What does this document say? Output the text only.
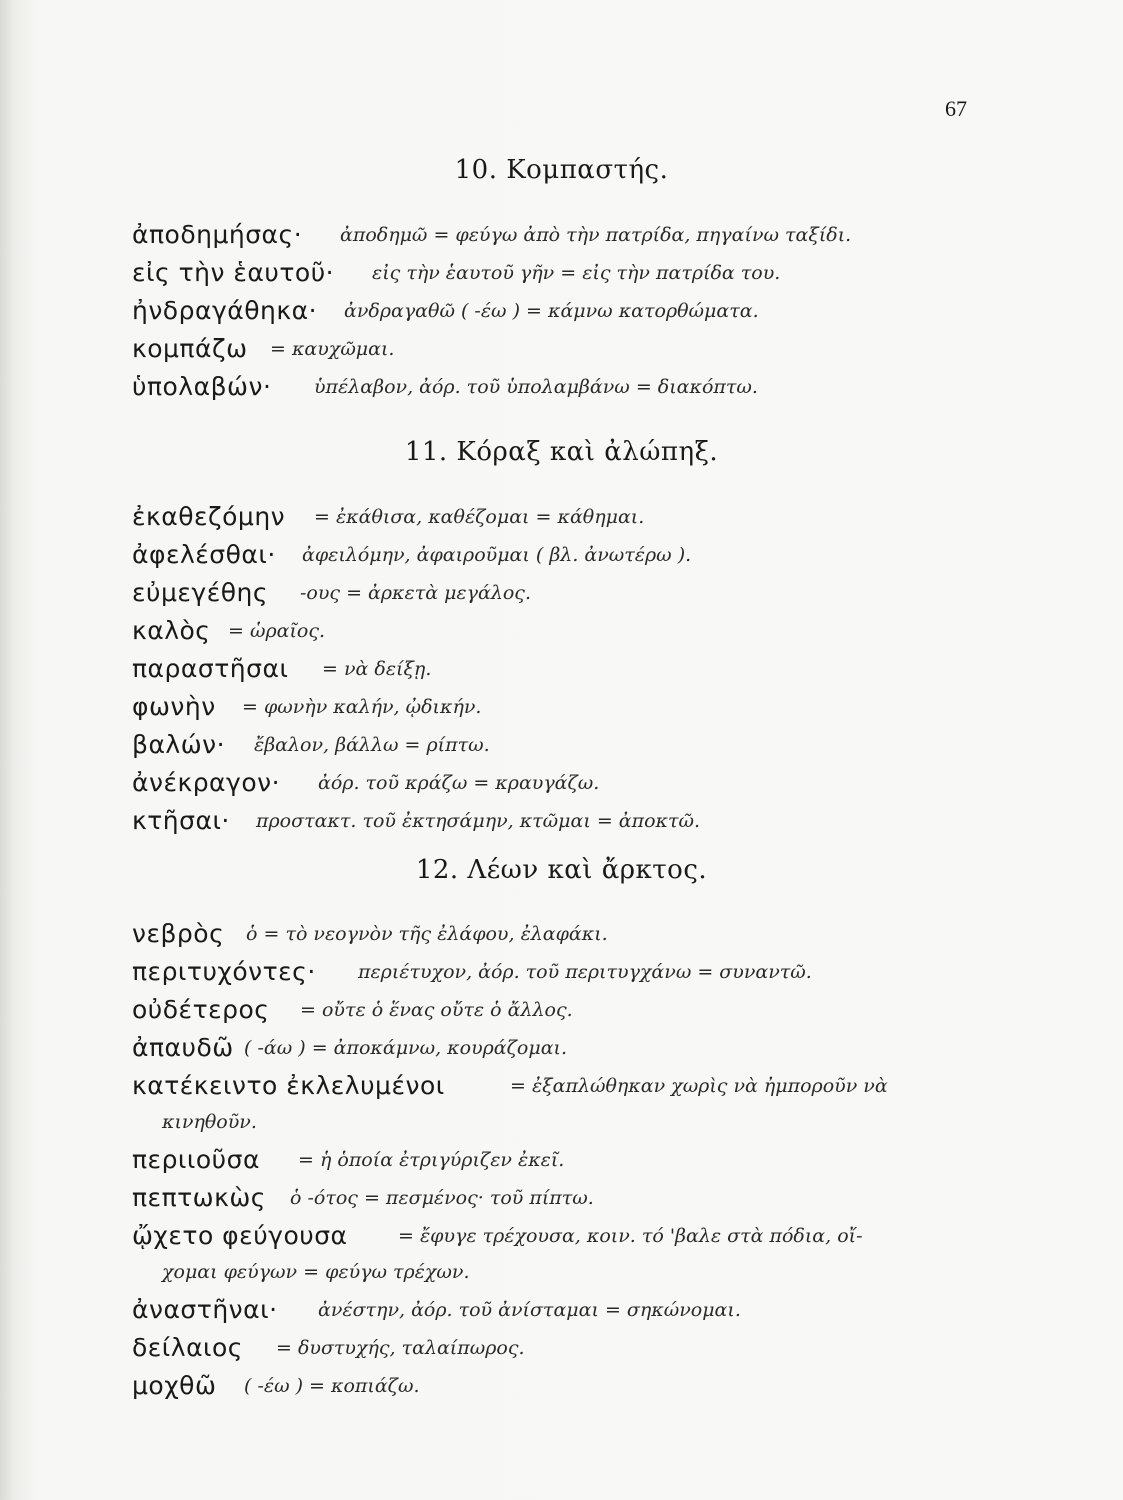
67
10. Κομπαστής.
ἀποδημήσας· ἀποδημῶ = φεύγω ἀπὸ τὴν πατρίδα, πηγαίνω ταξίδι.
εἰς τὴν ἑαυτοῦ· εἰς τὴν ἑαυτοῦ γῆν = εἰς τὴν πατρίδα του.
ἠνδραγάθηκα· ἀνδραγαθῶ ( -έω ) = κάμνω κατορθώματα.
κομπάζω = καυχῶμαι.
ὑπολαβών· ὑπέλαβον, ἀόρ. τοῦ ὑπολαμβάνω = διακόπτω.
11. Κόραξ καὶ ἀλώπηξ.
ἐκαθεζόμην = ἐκάθισα, καθέζομαι = κάθημαι.
ἀφελέσθαι· ἀφειλόμην, ἀφαιροῦμαι ( βλ. ἀνωτέρω ).
εὐμεγέθης -ους = ἀρκετὰ μεγάλος.
καλὸς = ὡραῖος.
παραστῆσαι = νὰ δείξῃ.
φωνὴν = φωνὴν καλήν, ᾠδικήν.
βαλών· ἔβαλον, βάλλω = ρίπτω.
ἀνέκραγον· ἀόρ. τοῦ κράζω = κραυγάζω.
κτῆσαι· προστακτ. τοῦ ἐκτησάμην, κτῶμαι = ἀποκτῶ.
12. Λέων καὶ ἄρκτος.
νεβρὸς ὁ = τὸ νεογνὸν τῆς ἐλάφου, ἐλαφάκι.
περιτυχόντες· περιέτυχον, ἀόρ. τοῦ περιτυγχάνω = συναντῶ.
οὐδέτερος = οὔτε ὁ ἕνας οὔτε ὁ ἄλλος.
ἀπαυδῶ ( -άω ) = ἀποκάμνω, κουράζομαι.
κατέκειντο ἐκλελυμένοι	= ἐξαπλώθηκαν χωρὶς νὰ ἠμποροῦν νὰ
κινηθοῦν.
περιιοῦσα = ἡ ὁποία ἐτριγύριζεν ἐκεῖ.
πεπτωκὼς ὁ -ότος = πεσμένος· τοῦ πίπτω.
ᾤχετο φεύγουσα	= ἔφυγε τρέχουσα, κοιν. τό 'βαλε στὰ πόδια, οἴ-
χομαι φεύγων = φεύγω τρέχων.
ἀναστῆναι· ἀνέστην, ἀόρ. τοῦ ἀνίσταμαι = σηκώνομαι.
δείλαιος = δυστυχής, ταλαίπωρος.
μοχθῶ ( -έω ) = κοπιάζω.
